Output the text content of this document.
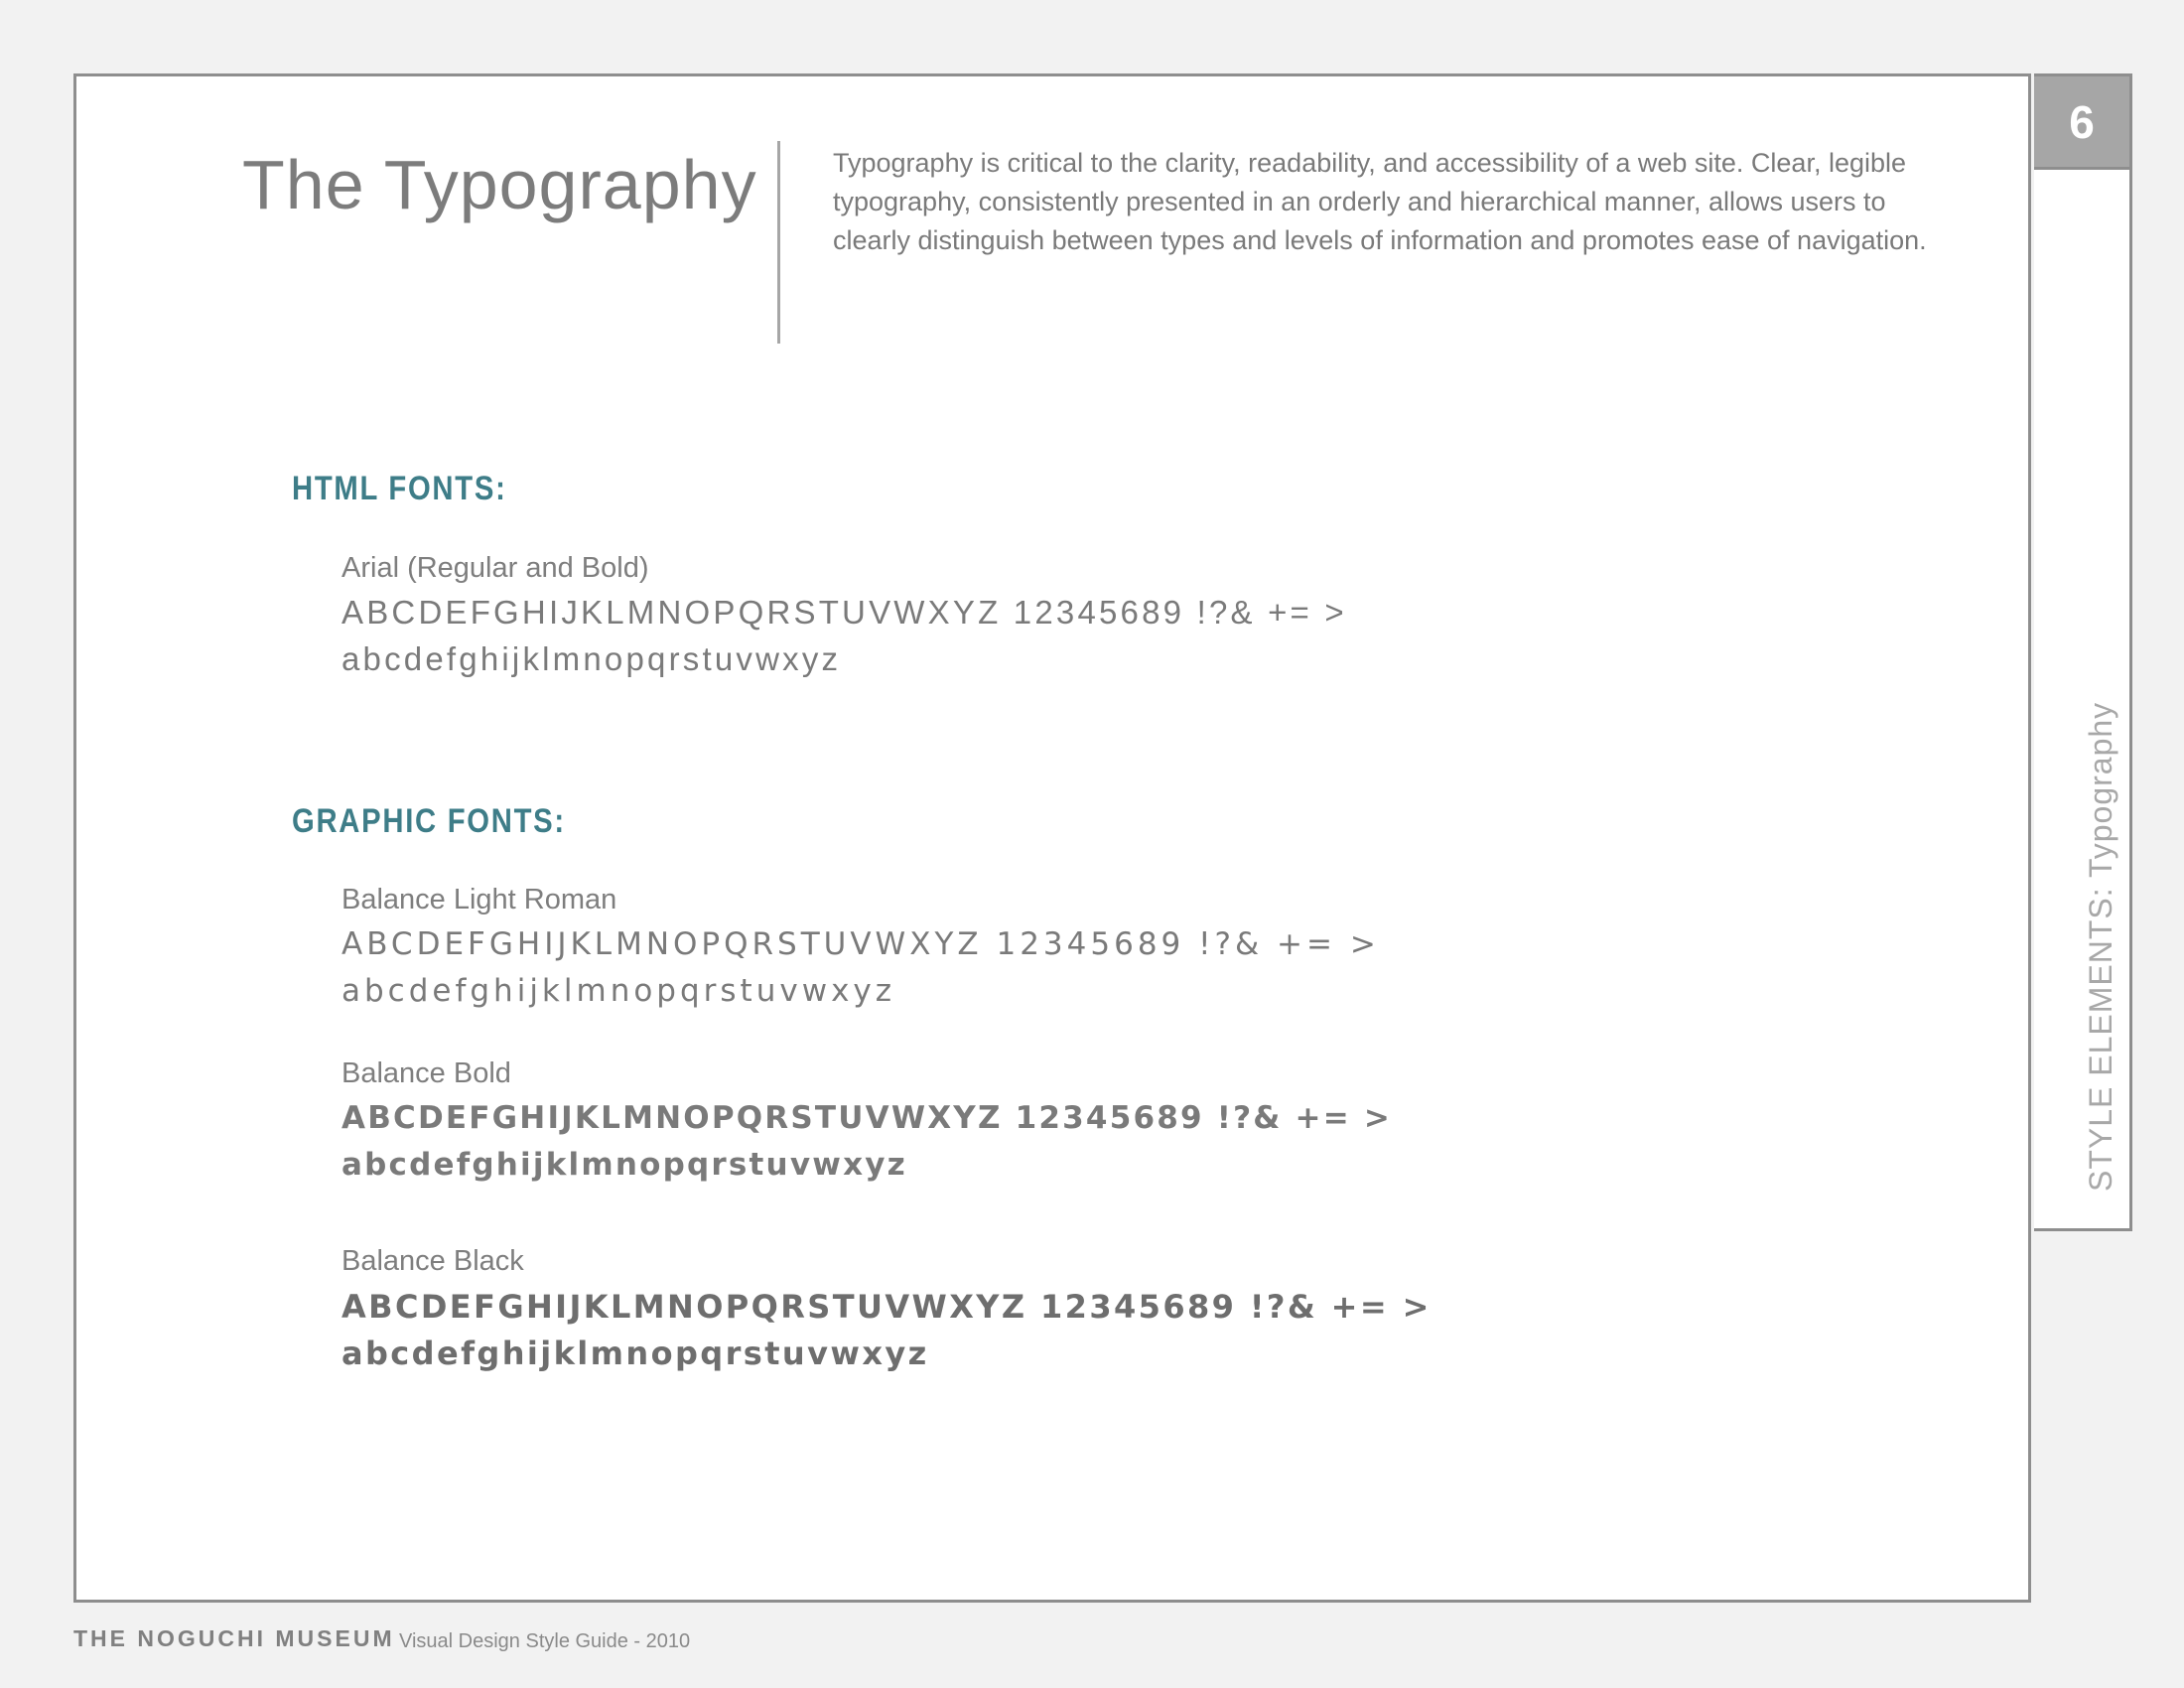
6
STYLE ELEMENTS: Typography
The Typography	Typography is critical to the clarity, readability, and accessibility of a web site. Clear, legible typography, consistently presented in an orderly and hierarchical manner, allows users to clearly distinguish between types and levels of information and promotes ease of navigation.
HTML FONTS:
Arial (Regular and Bold)
ABCDEFGHIJKLMNOPQRSTUVWXYZ 12345689 !?& += >
abcdefghijklmnopqrstuvwxyz
GRAPHIC FONTS:
Balance Light Roman
ABCDEFGHIJKLMNOPQRSTUVWXYZ 12345689 !?& += >
abcdefghijklmnopqrstuvwxyz
Balance Bold
ABCDEFGHIJKLMNOPQRSTUVWXYZ 12345689 !?& += >
abcdefghijklmnopqrstuvwxyz
Balance Black
ABCDEFGHIJKLMNOPQRSTUVWXYZ 12345689 !?& += >
abcdefghijklmnopqrstuvwxyz
THE NOGUCHI MUSEUM Visual Design Style Guide - 2010
